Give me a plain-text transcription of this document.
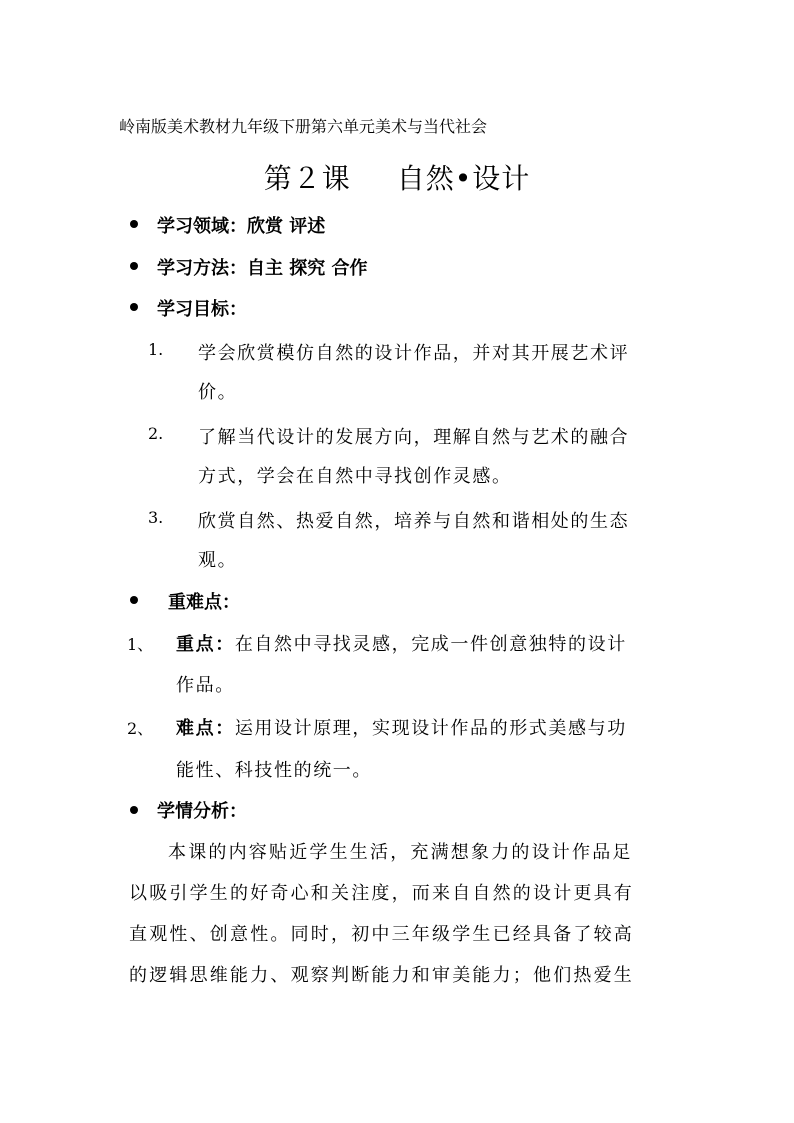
岭南版美术教材九年级下册第六单元美术与当代社会
第２课 自然•设计
学习领域：欣赏 评述
学习方法：自主 探究 合作
学习目标：
1. 学会欣赏模仿自然的设计作品，并对其开展艺术评
价。
2. 了解当代设计的发展方向，理解自然与艺术的融合
方式，学会在自然中寻找创作灵感。
3. 欣赏自然、热爱自然，培养与自然和谐相处的生态
观。
重难点：
1、 重点：在自然中寻找灵感，完成一件创意独特的设计
作品。
2、 难点：运用设计原理，实现设计作品的形式美感与功
能性、科技性的统一。
学情分析：
本课的内容贴近学生生活，充满想象力的设计作品足
以吸引学生的好奇心和关注度，而来自自然的设计更具有
直观性、创意性。同时，初中三年级学生已经具备了较高
的逻辑思维能力、观察判断能力和审美能力；他们热爱生
